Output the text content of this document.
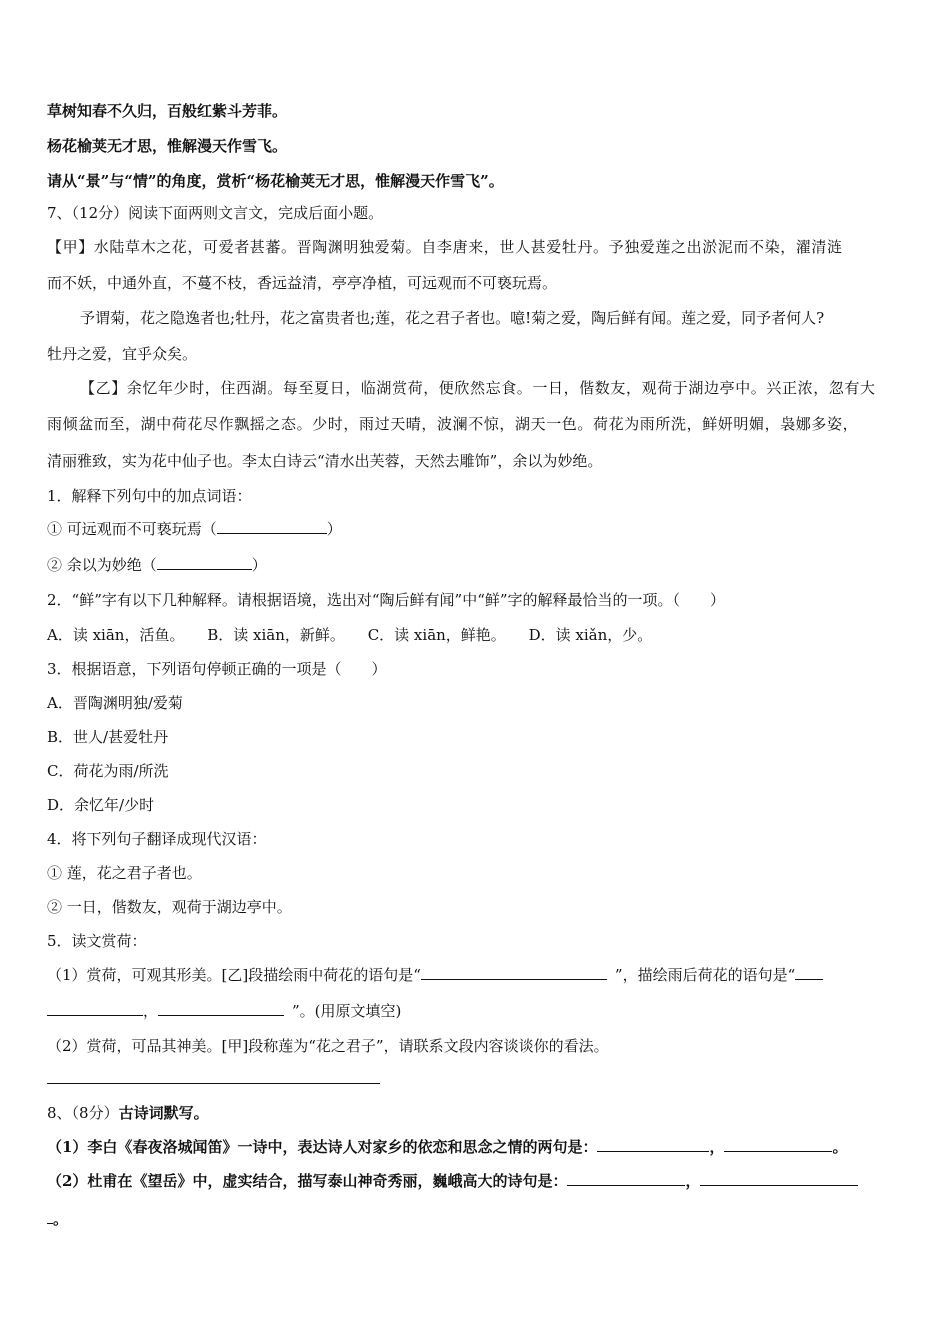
草树知春不久归，百般红紫斗芳菲。
杨花榆荚无才思，惟解漫天作雪飞。
请从“景”与“情”的角度，赏析“杨花榆荚无才思，惟解漫天作雪飞”。
7、（12分）阅读下面两则文言文，完成后面小题。
【甲】水陆草木之花，可爱者甚蕃。晋陶渊明独爱菊。自李唐来，世人甚爱牡丹。予独爱莲之出淤泥而不染，濯清涟
而不妖，中通外直，不蔓不枝，香远益清，亭亭净植，可远观而不可亵玩焉。
予谓菊，花之隐逸者也;牡丹，花之富贵者也;莲，花之君子者也。噫!菊之爱，陶后鲜有闻。莲之爱，同予者何人?
牡丹之爱，宜乎众矣。
【乙】余忆年少时，住西湖。每至夏日，临湖赏荷，便欣然忘食。一日，偕数友，观荷于湖边亭中。兴正浓，忽有大
雨倾盆而至，湖中荷花尽作飘摇之态。少时，雨过天晴，波澜不惊，湖天一色。荷花为雨所洗，鲜妍明媚，袅娜多姿，
清丽雅致，实为花中仙子也。李太白诗云“清水出芙蓉，天然去雕饰”，余以为妙绝。
1．解释下列句中的加点词语：
① 可远观而不可亵玩焉（	）
② 余以为妙绝（	）
2．“鲜”字有以下几种解释。请根据语境，选出对“陶后鲜有闻”中“鲜”字的解释最恰当的一项。（　　）
A．读 xiān，活鱼。 B．读 xiān，新鲜。 C．读 xiān，鲜艳。 D．读 xiǎn，少。
3．根据语意，下列语句停顿正确的一项是（　　）
A．晋陶渊明独/爱菊
B．世人/甚爱牡丹
C．荷花为雨/所洗
D．余忆年/少时
4．将下列句子翻译成现代汉语：
① 莲，花之君子者也。
② 一日，偕数友，观荷于湖边亭中。
5．读文赏荷：
（1）赏荷，可观其形美。[乙]段描绘雨中荷花的语句是“	”，描绘雨后荷花的语句是“
，	”。(用原文填空)
（2）赏荷，可品其神美。[甲]段称莲为“花之君子”，请联系文段内容谈谈你的看法。
8、（8分）古诗词默写。
（1）李白《春夜洛城闻笛》一诗中，表达诗人对家乡的依恋和思念之情的两句是：	，	。
（2）杜甫在《望岳》中，虚实结合，描写泰山神奇秀丽，巍峨高大的诗句是：	，
。
